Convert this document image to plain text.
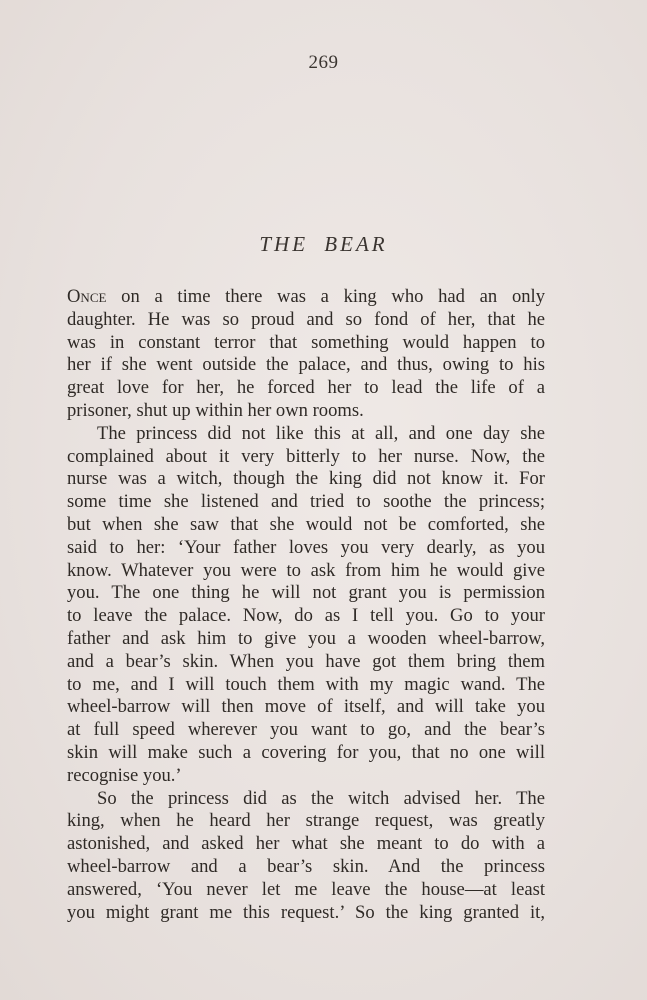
269
THE BEAR
Once on a time there was a king who had an only
daughter. He was so proud and so fond of her, that he
was in constant terror that something would happen to
her if she went outside the palace, and thus, owing to his
great love for her, he forced her to lead the life of a
prisoner, shut up within her own rooms.
The princess did not like this at all, and one day she
complained about it very bitterly to her nurse. Now, the
nurse was a witch, though the king did not know it. For
some time she listened and tried to soothe the princess;
but when she saw that she would not be comforted, she
said to her: ‘Your father loves you very dearly, as you
know. Whatever you were to ask from him he would give
you. The one thing he will not grant you is permission
to leave the palace. Now, do as I tell you. Go to your
father and ask him to give you a wooden wheel-barrow,
and a bear’s skin. When you have got them bring them
to me, and I will touch them with my magic wand. The
wheel-barrow will then move of itself, and will take you
at full speed wherever you want to go, and the bear’s
skin will make such a covering for you, that no one will
recognise you.’
So the princess did as the witch advised her. The
king, when he heard her strange request, was greatly
astonished, and asked her what she meant to do with a
wheel-barrow and a bear’s skin. And the princess
answered, ‘You never let me leave the house—at least
you might grant me this request.’ So the king granted it,
